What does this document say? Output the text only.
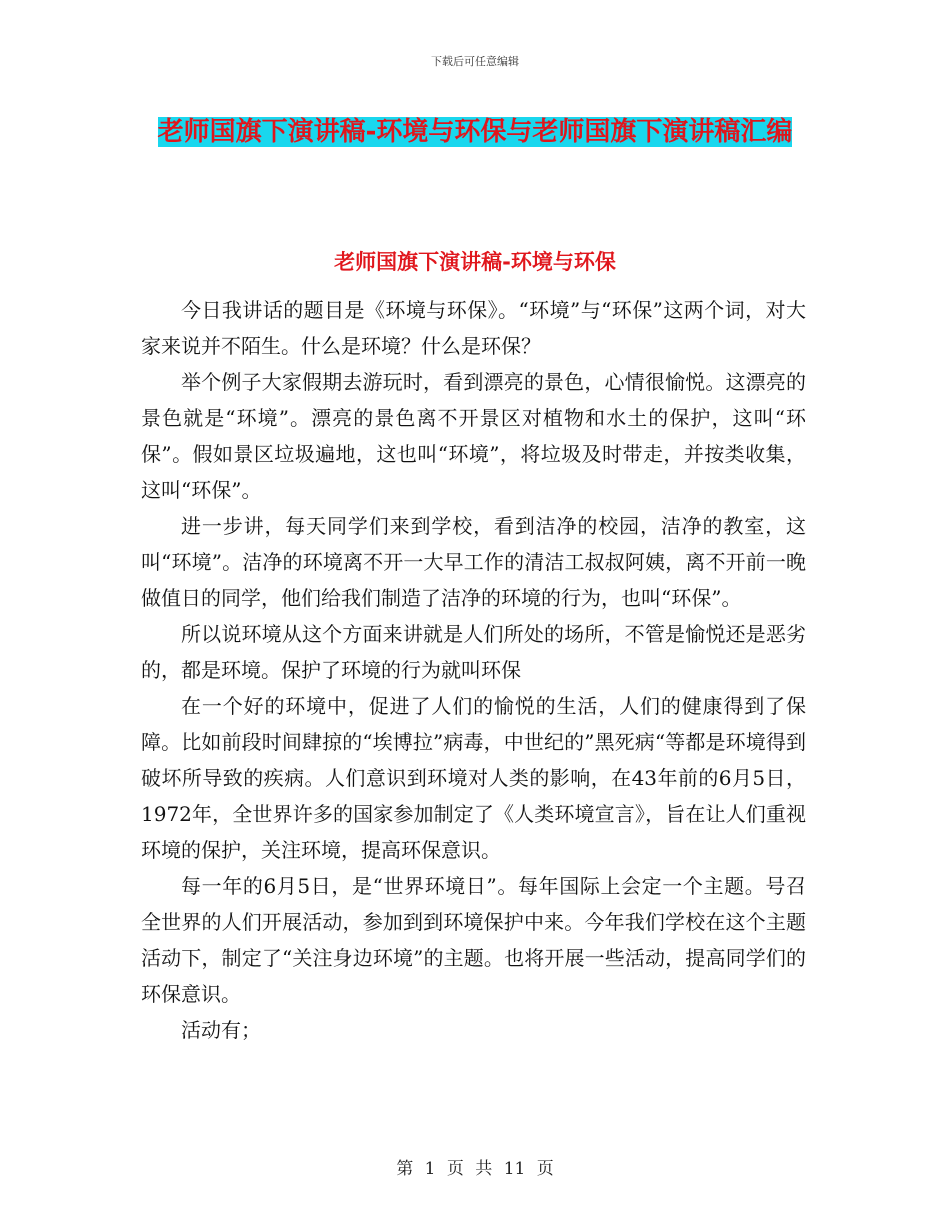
下载后可任意编辑
老师国旗下演讲稿-环境与环保与老师国旗下演讲稿汇编
老师国旗下演讲稿-环境与环保

今日我讲话的题目是《环境与环保》。“环境”与“环保”这两个词，对大家来说并不陌生。什么是环境？什么是环保？

举个例子大家假期去游玩时，看到漂亮的景色，心情很愉悦。这漂亮的景色就是“环境”。漂亮的景色离不开景区对植物和水土的保护，这叫“环保”。假如景区垃圾遍地，这也叫“环境”，将垃圾及时带走，并按类收集，这叫“环保”。

进一步讲，每天同学们来到学校，看到洁净的校园，洁净的教室，这叫“环境”。洁净的环境离不开一大早工作的清洁工叔叔阿姨，离不开前一晚做值日的同学，他们给我们制造了洁净的环境的行为，也叫“环保”。

所以说环境从这个方面来讲就是人们所处的场所，不管是愉悦还是恶劣的，都是环境。保护了环境的行为就叫环保

在一个好的环境中，促进了人们的愉悦的生活，人们的健康得到了保障。比如前段时间肆掠的“埃博拉”病毒，中世纪的”黑死病“等都是环境得到破坏所导致的疾病。人们意识到环境对人类的影响，在43年前的6月5日，1972年，全世界许多的国家参加制定了《人类环境宣言》，旨在让人们重视环境的保护，关注环境，提高环保意识。

每一年的6月5日，是“世界环境日”。每年国际上会定一个主题。号召全世界的人们开展活动，参加到到环境保护中来。今年我们学校在这个主题活动下，制定了“关注身边环境”的主题。也将开展一些活动，提高同学们的环保意识。

活动有；

第 1 页 共 11 页
